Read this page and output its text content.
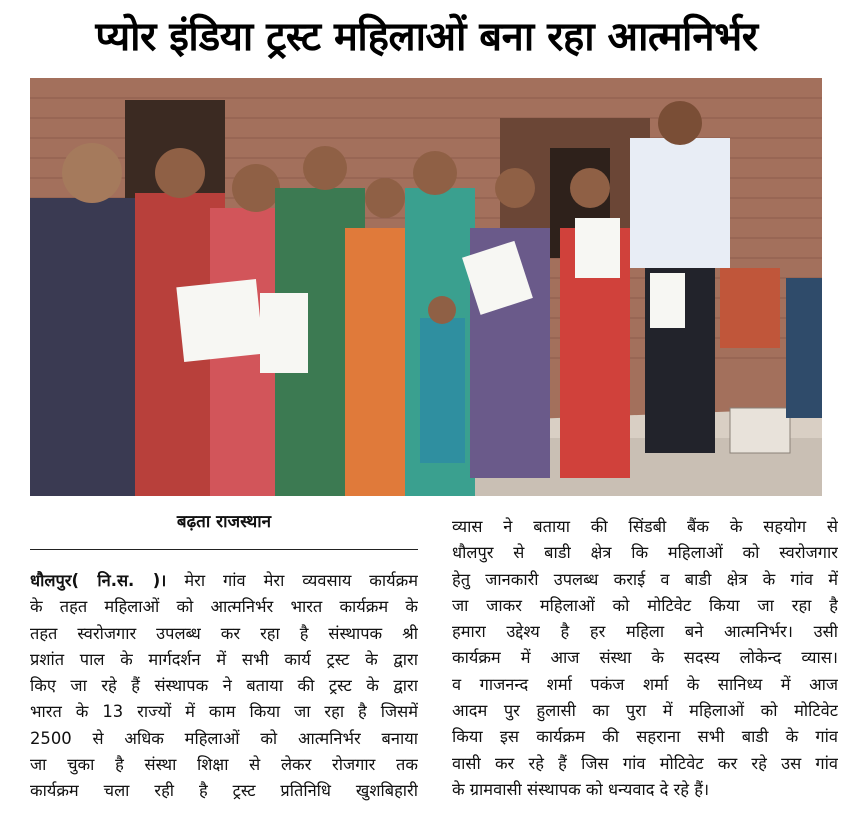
प्योर इंडिया ट्रस्ट महिलाओं बना रहा आत्मनिर्भर
बढ़ता राजस्थान
धौलपुर( नि.स. )। मेरा गांव मेरा व्यवसाय कार्यक्रम
के तहत महिलाओं को आत्मनिर्भर भारत कार्यक्रम के
तहत स्वरोजगार उपलब्ध कर रहा है संस्थापक श्री
प्रशांत पाल के मार्गदर्शन में सभी कार्य ट्रस्ट के द्वारा
किए जा रहे हैं संस्थापक ने बताया की ट्रस्ट के द्वारा
भारत के 13 राज्यों में काम किया जा रहा है जिसमें
2500 से अधिक महिलाओं को आत्मनिर्भर बनाया
जा चुका है संस्था शिक्षा से लेकर रोजगार तक
कार्यक्रम चला रही है ट्रस्ट प्रतिनिधि खुशबिहारी
व्यास ने बताया की सिंडबी बैंक के सहयोग से
धौलपुर से बाडी क्षेत्र कि महिलाओं को स्वरोजगार
हेतु जानकारी उपलब्ध कराई व बाडी क्षेत्र के गांव में
जा जाकर महिलाओं को मोटिवेट किया जा रहा है
हमारा उद्देश्य है हर महिला बने आत्मनिर्भर। उसी
कार्यक्रम में आज संस्था के सदस्य लोकेन्द व्यास।
व गाजनन्द शर्मा पकंज शर्मा के सानिध्य में आज
आदम पुर हुलासी का पुरा में महिलाओं को मोटिवेट
किया इस कार्यक्रम की सहराना सभी बाडी के गांव
वासी कर रहे हैं जिस गांव मोटिवेट कर रहे उस गांव
के ग्रामवासी संस्थापक को धन्यवाद दे रहे हैं।
